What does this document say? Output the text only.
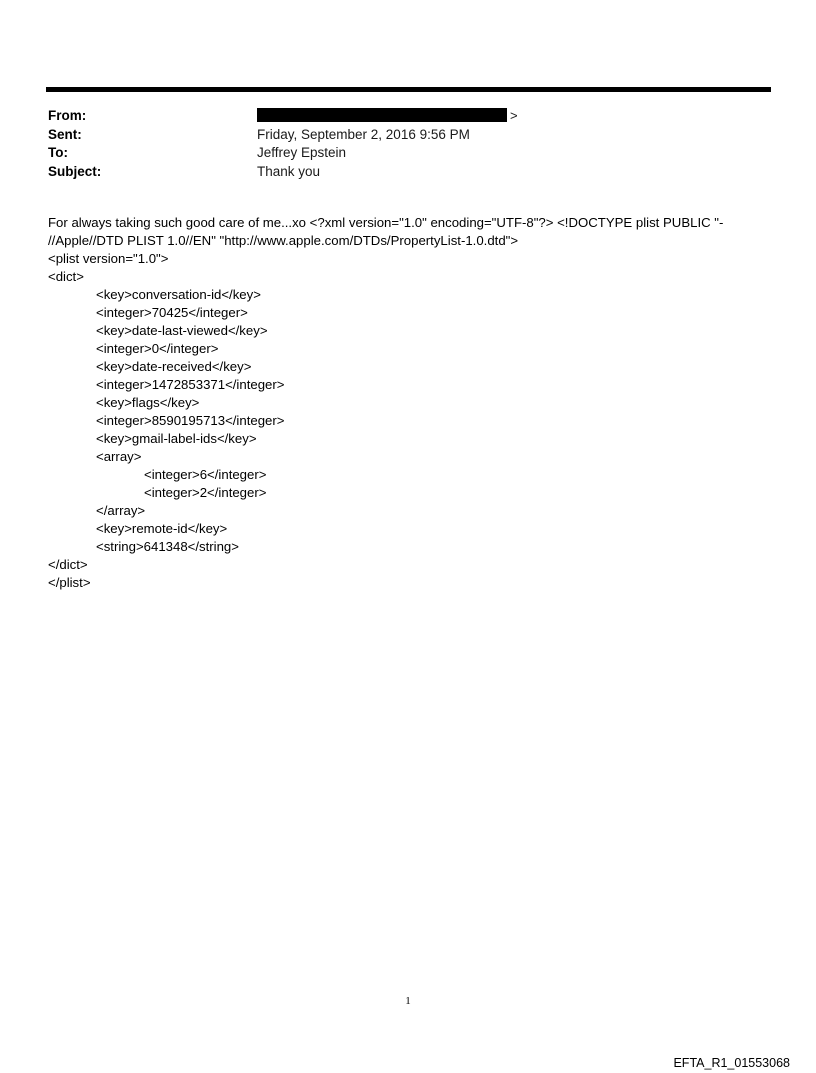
From:	>
Sent:	Friday, September 2, 2016 9:56 PM
To:	Jeffrey Epstein
Subject:	Thank you
For always taking such good care of me...xo <?xml version="1.0" encoding="UTF-8"?> <!DOCTYPE plist PUBLIC "-
//Apple//DTD PLIST 1.0//EN" "http://www.apple.com/DTDs/PropertyList-1.0.dtd">
<plist version="1.0">
<dict>
<key>conversation-id</key>
<integer>70425</integer>
<key>date-last-viewed</key>
<integer>0</integer>
<key>date-received</key>
<integer>1472853371</integer>
<key>flags</key>
<integer>8590195713</integer>
<key>gmail-label-ids</key>
<array>
<integer>6</integer>
<integer>2</integer>
</array>
<key>remote-id</key>
<string>641348</string>
</dict>
</plist>
1
EFTA_R1_01553068
